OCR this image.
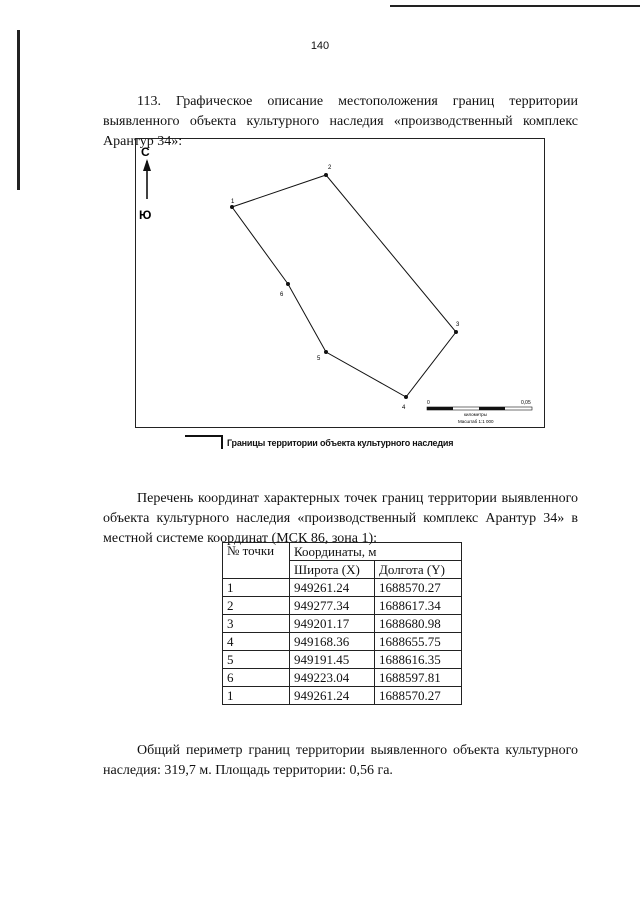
140

113. Графическое описание местоположения границ территории выявленного объекта культурного наследия «производственный комплекс Арантур 34»:

С
Ю
1
2
3
4
5
6
0	0,05
километры
Масштаб 1:1 000
Границы территории объекта культурного наследия

Перечень координат характерных точек границ территории выявленного объекта культурного наследия «производственный комплекс Арантур 34» в местной системе координат (МСК 86, зона 1):

№ точки	Координаты, м	
	Широта (X)	Долгота (Y)
1	949261.24	1688570.27
2	949277.34	1688617.34
3	949201.17	1688680.98
4	949168.36	1688655.75
5	949191.45	1688616.35
6	949223.04	1688597.81
1	949261.24	1688570.27

Общий периметр границ территории выявленного объекта культурного наследия: 319,7 м. Площадь территории: 0,56 га.
